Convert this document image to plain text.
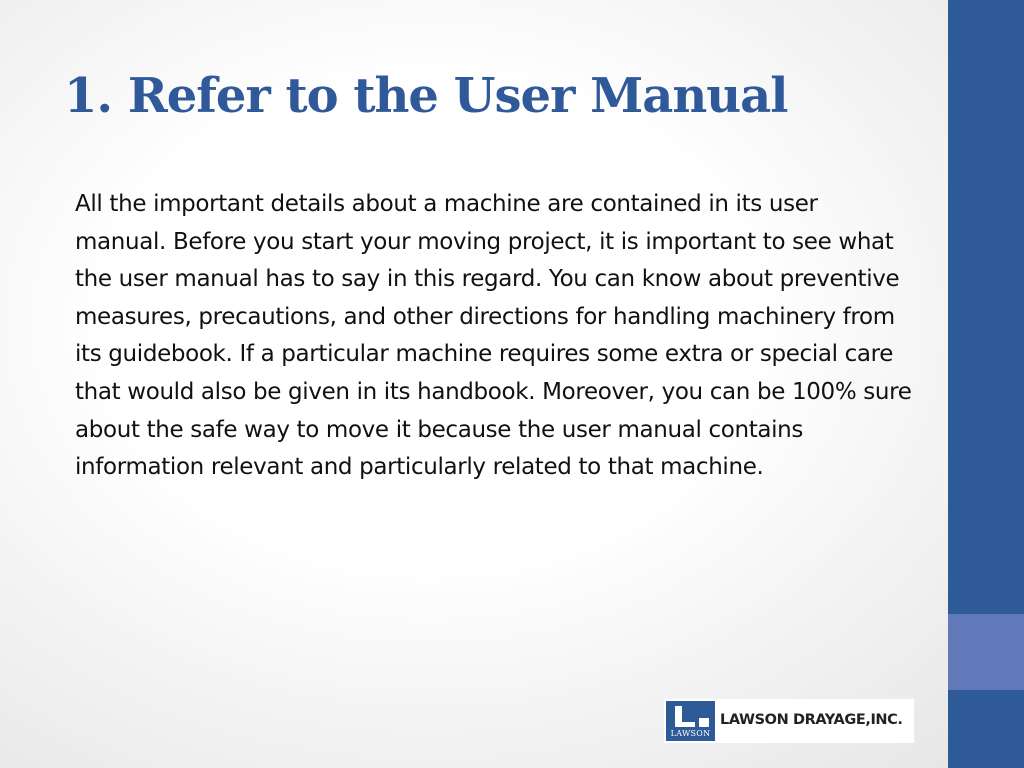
1. Refer to the User Manual

All the important details about a machine are contained in its user manual. Before you start your moving project, it is important to see what the user manual has to say in this regard. You can know about preventive measures, precautions, and other directions for handling machinery from its guidebook. If a particular machine requires some extra or special care that would also be given in its handbook. Moreover, you can be 100% sure about the safe way to move it because the user manual contains information relevant and particularly related to that machine.

LAWSON
LAWSON DRAYAGE,INC.
